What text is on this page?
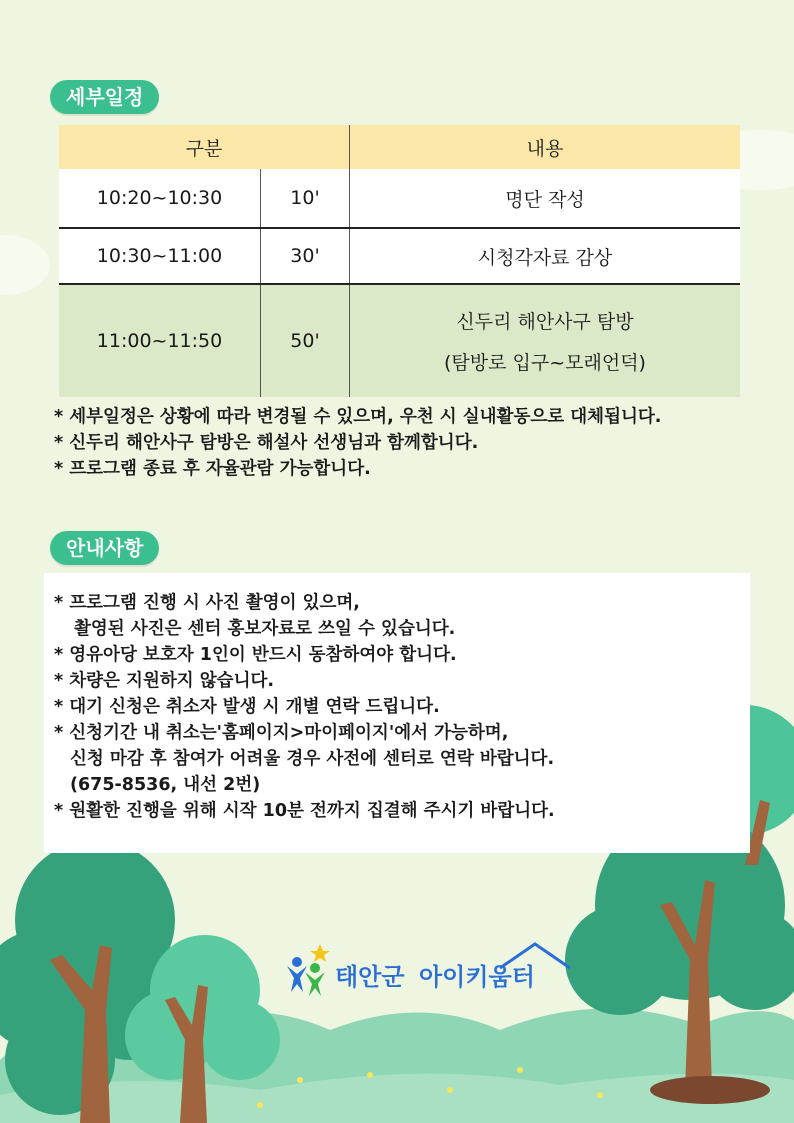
세부일정
구분		내용
10:20~10:30	10'	명단 작성
10:30~11:00	30'	시청각자료 감상
11:00~11:50	50'	신두리 해안사구 탐방
(탐방로 입구~모래언덕)
* 세부일정은 상황에 따라 변경될 수 있으며, 우천 시 실내활동으로 대체됩니다.
* 신두리 해안사구 탐방은 해설사 선생님과 함께합니다.
* 프로그램 종료 후 자율관람 가능합니다.
안내사항
* 프로그램 진행 시 사진 촬영이 있으며,
촬영된 사진은 센터 홍보자료로 쓰일 수 있습니다.
* 영유아당 보호자 1인이 반드시 동참하여야 합니다.
* 차량은 지원하지 않습니다.
* 대기 신청은 취소자 발생 시 개별 연락 드립니다.
* 신청기간 내 취소는'홈페이지>마이페이지'에서 가능하며,
신청 마감 후 참여가 어려울 경우 사전에 센터로 연락 바랍니다.
(675-8536, 내선 2번)
* 원활한 진행을 위해 시작 10분 전까지 집결해 주시기 바랍니다.
태안군 아이키움터
